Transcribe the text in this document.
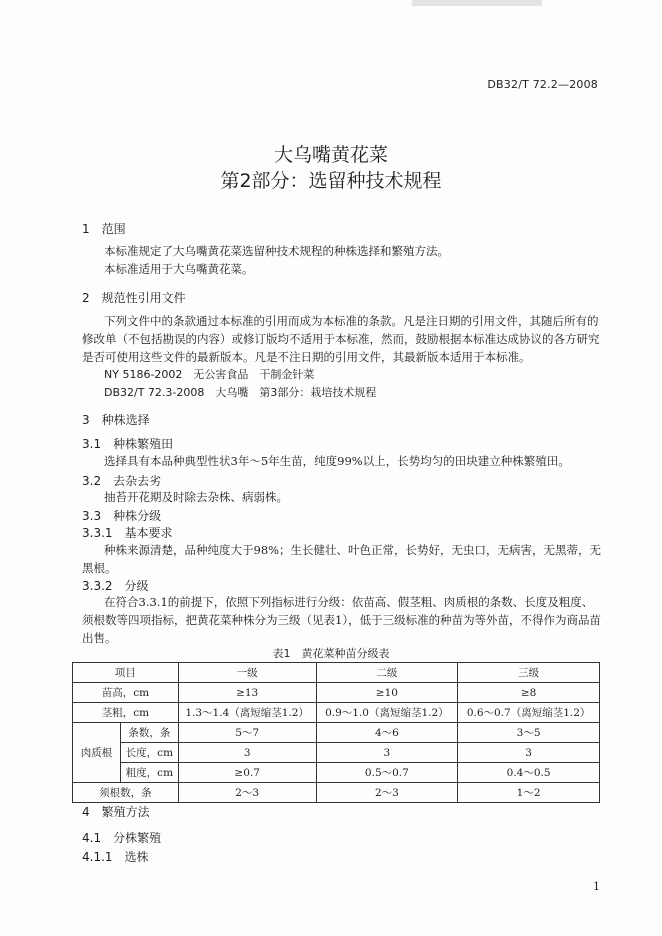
DB32/T 72.2—2008
大乌嘴黄花菜
第2部分：选留种技术规程
1　范围
本标准规定了大乌嘴黄花菜选留种技术规程的种株选择和繁殖方法。
本标准适用于大乌嘴黄花菜。
2　规范性引用文件
下列文件中的条款通过本标准的引用而成为本标准的条款。凡是注日期的引用文件，其随后所有的修改单（不包括勘误的内容）或修订版均不适用于本标准，然而，鼓励根据本标准达成协议的各方研究是否可使用这些文件的最新版本。凡是不注日期的引用文件，其最新版本适用于本标准。
NY 5186-2002　无公害食品　干制金针菜
DB32/T 72.3-2008　大乌嘴　第3部分：栽培技术规程
3　种株选择
3.1　种株繁殖田
选择具有本品种典型性状3年～5年生苗，纯度99%以上，长势均匀的田块建立种株繁殖田。
3.2　去杂去劣
抽苔开花期及时除去杂株、病弱株。
3.3　种株分级
3.3.1　基本要求
种株来源清楚，品种纯度大于98%；生长健壮、叶色正常，长势好，无虫口，无病害，无黑蒂，无黑根。
3.3.2　分级
在符合3.3.1的前提下，依照下列指标进行分级：依苗高、假茎粗、肉质根的条数、长度及粗度、须根数等四项指标，把黄花菜种株分为三级（见表1），低于三级标准的种苗为等外苗，不得作为商品苗出售。
表1　黄花菜种苗分级表
项目		一级	二级	三级
苗高，cm		≥13	≥10	≥8
茎粗，cm		1.3～1.4（离短缩茎1.2）	0.9～1.0（离短缩茎1.2）	0.6～0.7（离短缩茎1.2）
肉质根	条数，条	5～7	4～6	3～5
	长度，cm	3	3	3
	粗度，cm	≥0.7	0.5～0.7	0.4～0.5
须根数，条		2～3	2～3	1～2
4　繁殖方法
4.1　分株繁殖
4.1.1　选株
1
